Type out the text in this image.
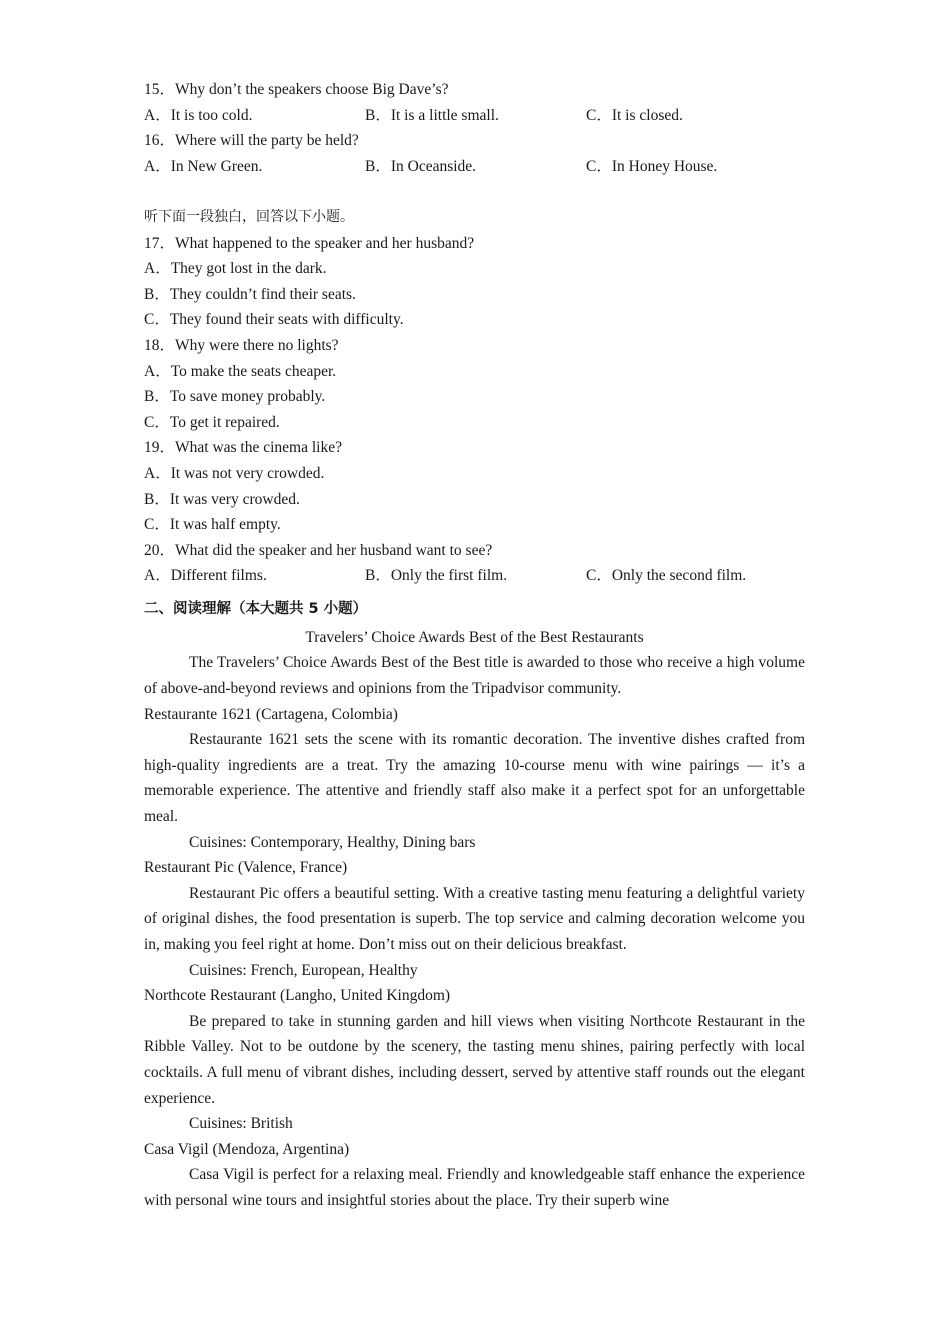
15．Why don’t the speakers choose Big Dave’s?
A．It is too cold.	B．It is a little small.	C．It is closed.
16．Where will the party be held?
A．In New Green.	B．In Oceanside.	C．In Honey House.
听下面一段独白，回答以下小题。
17．What happened to the speaker and her husband?
A．They got lost in the dark.
B．They couldn’t find their seats.
C．They found their seats with difficulty.
18．Why were there no lights?
A．To make the seats cheaper.
B．To save money probably.
C．To get it repaired.
19．What was the cinema like?
A．It was not very crowded.
B．It was very crowded.
C．It was half empty.
20．What did the speaker and her husband want to see?
A．Different films.	B．Only the first film.	C．Only the second film.
二、阅读理解（本大题共 5 小题）
Travelers’ Choice Awards Best of the Best Restaurants
The Travelers’ Choice Awards Best of the Best title is awarded to those who receive a high volume of above-and-beyond reviews and opinions from the Tripadvisor community.
Restaurante 1621 (Cartagena, Colombia)
Restaurante 1621 sets the scene with its romantic decoration. The inventive dishes crafted from high-quality ingredients are a treat. Try the amazing 10-course menu with wine pairings — it’s a memorable experience. The attentive and friendly staff also make it a perfect spot for an unforgettable meal.
Cuisines: Contemporary, Healthy, Dining bars
Restaurant Pic (Valence, France)
Restaurant Pic offers a beautiful setting. With a creative tasting menu featuring a delightful variety of original dishes, the food presentation is superb. The top service and calming decoration welcome you in, making you feel right at home. Don’t miss out on their delicious breakfast.
Cuisines: French, European, Healthy
Northcote Restaurant (Langho, United Kingdom)
Be prepared to take in stunning garden and hill views when visiting Northcote Restaurant in the Ribble Valley. Not to be outdone by the scenery, the tasting menu shines, pairing perfectly with local cocktails. A full menu of vibrant dishes, including dessert, served by attentive staff rounds out the elegant experience.
Cuisines: British
Casa Vigil (Mendoza, Argentina)
Casa Vigil is perfect for a relaxing meal. Friendly and knowledgeable staff enhance the experience with personal wine tours and insightful stories about the place. Try their superb wine
